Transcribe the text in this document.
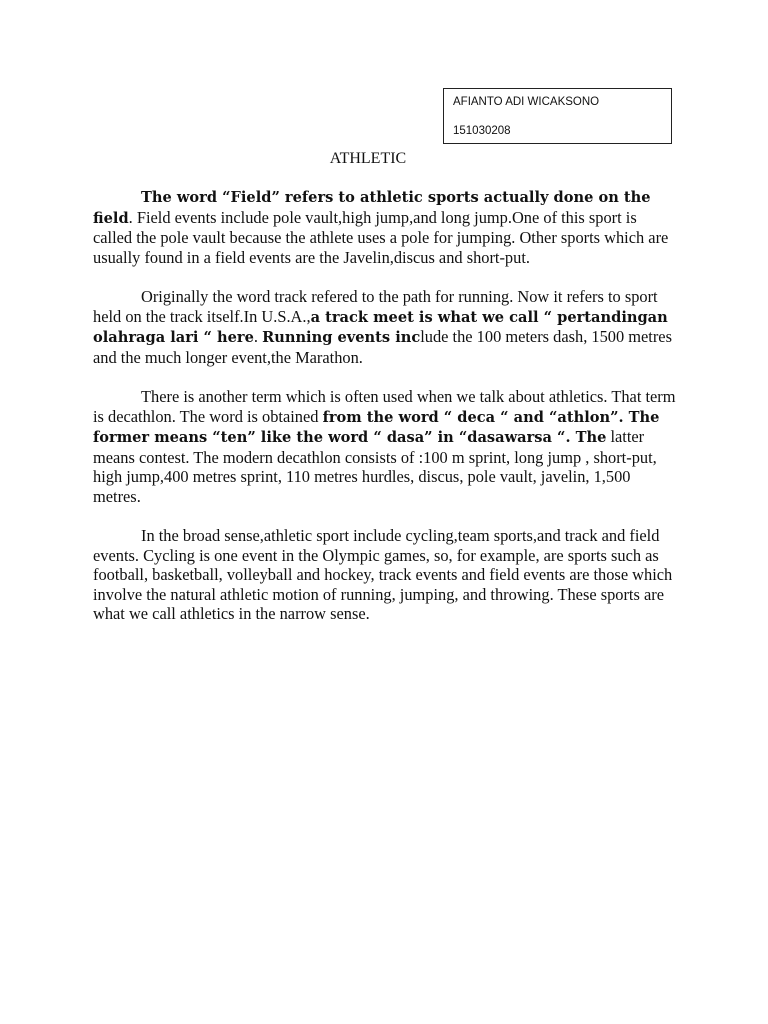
AFIANTO ADI WICAKSONO
151030208
ATHLETIC

The word “Field” refers to athletic sports actually done on the field. Field events include pole vault,high jump,and long jump.One of this sport is called the pole vault because the athlete uses a pole for jumping. Other sports which are usually found in a field events are the Javelin,discus and short-put.

Originally the word track refered to the path for running. Now it refers to sport held on the track itself.In U.S.A.,a track meet is what we call “ pertandingan olahraga lari “ here. Running events include the 100 meters dash, 1500 metres and the much longer event,the Marathon.

There is another term which is often used when we talk about athletics. That term is decathlon. The word is obtained from the word “ deca “ and “athlon”. The former means “ten” like the word “ dasa” in “dasawarsa “. The latter means contest. The modern decathlon consists of :100 m sprint, long jump , short-put, high jump,400 metres sprint, 110 metres hurdles, discus, pole vault, javelin, 1,500 metres.

In the broad sense,athletic sport include cycling,team sports,and track and field events. Cycling is one event in the Olympic games, so, for example, are sports such as football, basketball, volleyball and hockey, track events and field events are those which involve the natural athletic motion of running, jumping, and throwing. These sports are what we call athletics in the narrow sense.
